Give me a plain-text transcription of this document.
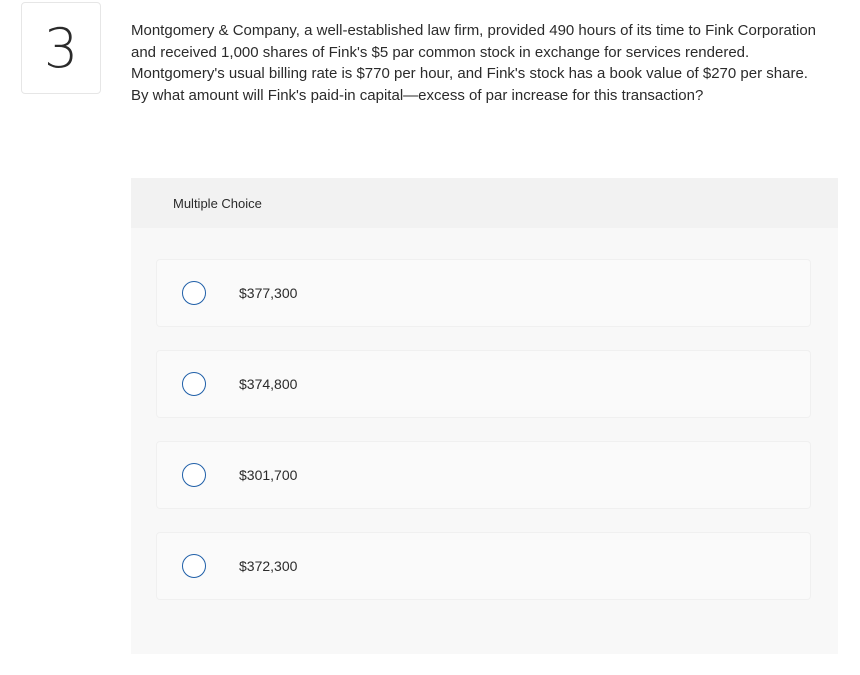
3	Montgomery & Company, a well-established law firm, provided 490 hours of its time to Fink Corporation and received 1,000 shares of Fink's $5 par common stock in exchange for services rendered. Montgomery's usual billing rate is $770 per hour, and Fink's stock has a book value of $270 per share. By what amount will Fink's paid-in capital—excess of par increase for this transaction?

Multiple Choice
$377,300
$374,800
$301,700
$372,300
